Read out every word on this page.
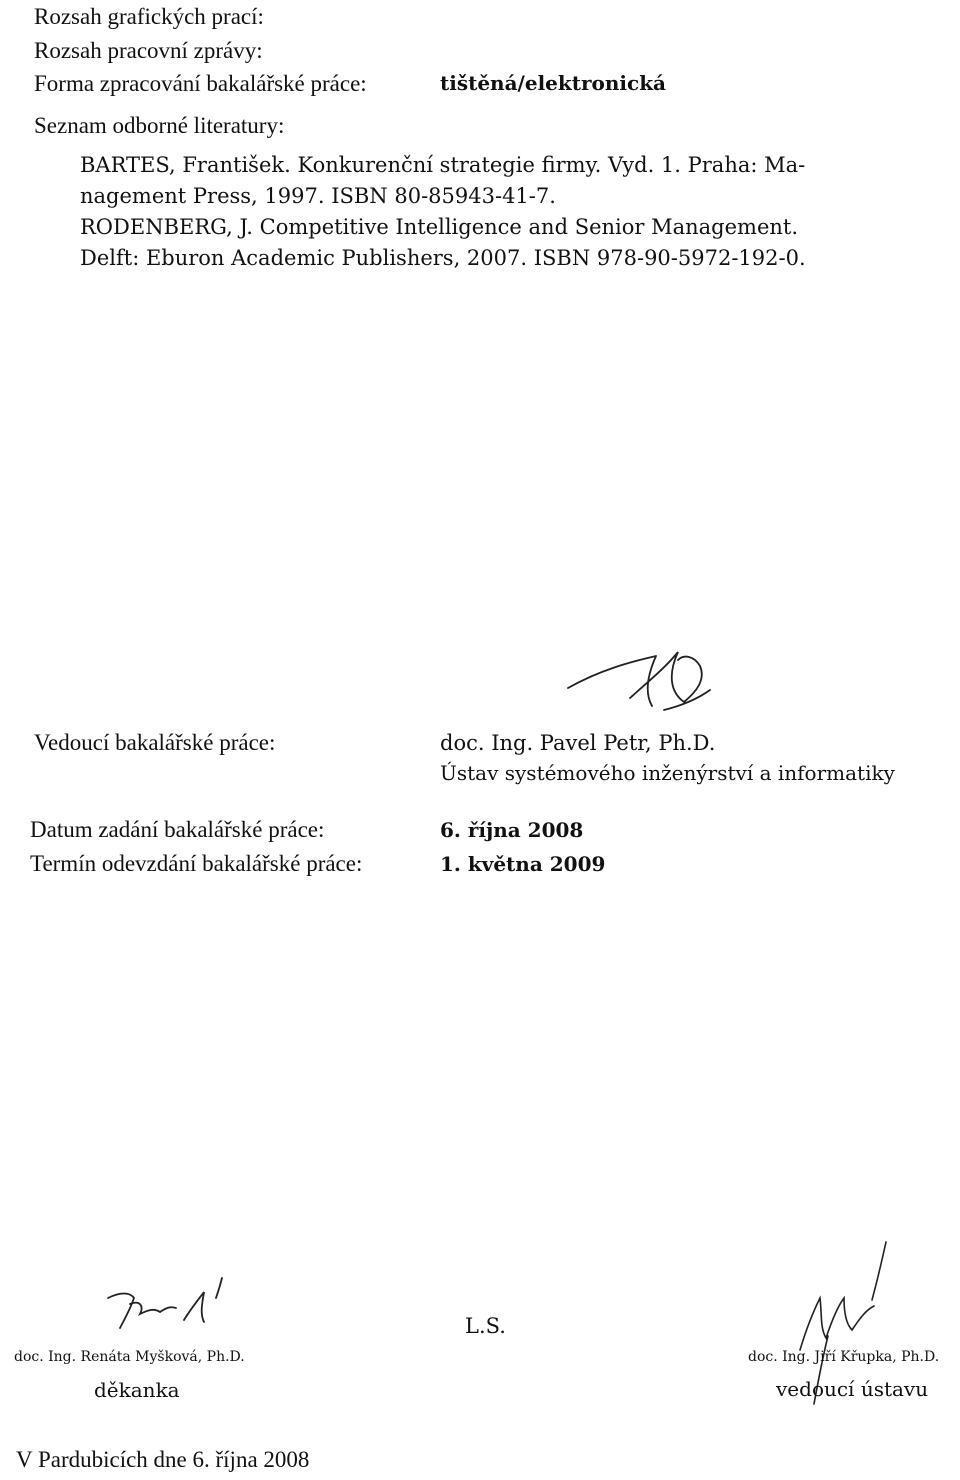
Rozsah grafických prací:

Rozsah pracovní zprávy:

Forma zpracování bakalářské práce:	tištěná/elektronická

Seznam odborné literatury:

BARTES, František. Konkurenční strategie firmy. Vyd. 1. Praha: Ma-

nagement Press, 1997. ISBN 80-85943-41-7.

RODENBERG, J. Competitive Intelligence and Senior Management.

Delft: Eburon Academic Publishers, 2007. ISBN 978-90-5972-192-0.

Vedoucí bakalářské práce:	doc. Ing. Pavel Petr, Ph.D.

Ústav systémového inženýrství a informatiky

Datum zadání bakalářské práce:	6. října 2008

Termín odevzdání bakalářské práce:	1. května 2009

doc. Ing. Renáta Myšková, Ph.D.

děkanka

L.S.

doc. Ing. Jiří Křupka, Ph.D.

vedoucí ústavu

V Pardubicích dne 6. října 2008
